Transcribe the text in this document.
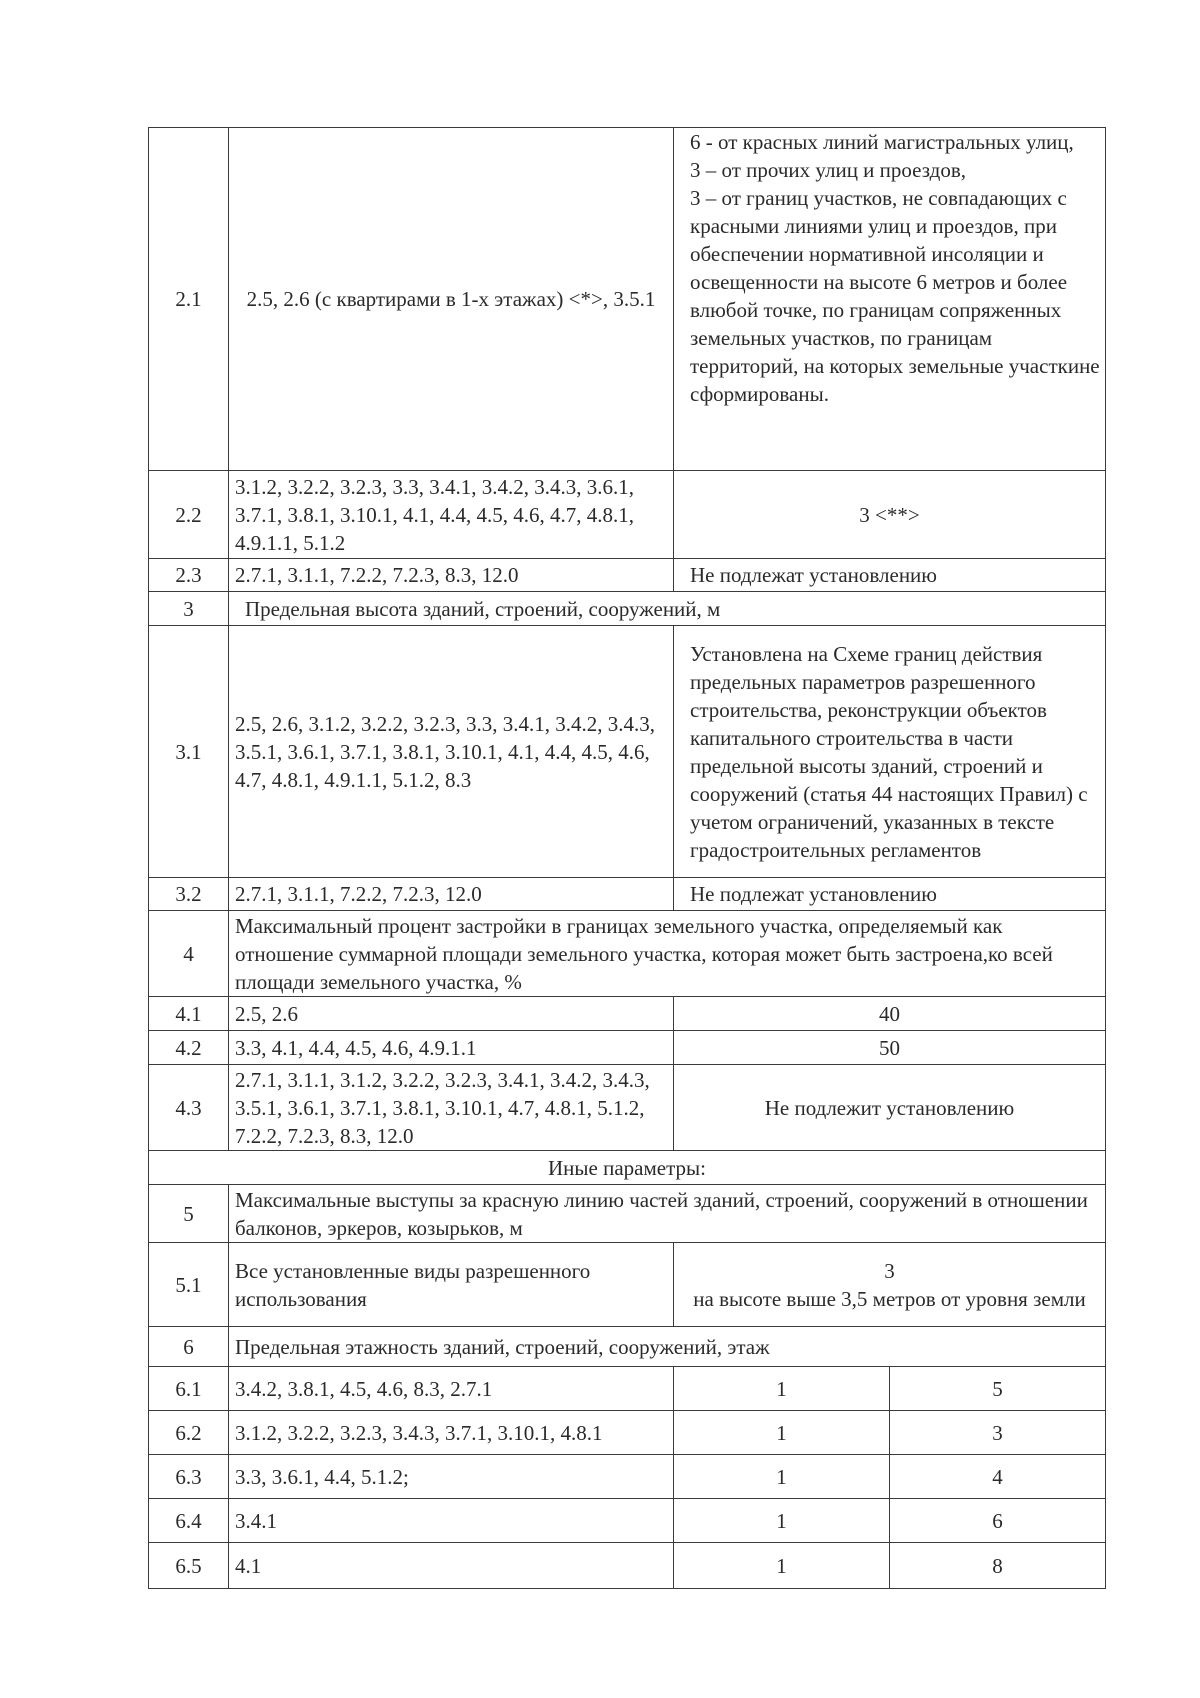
2.1	2.5, 2.6 (с квартирами в 1-х этажах) <*>, 3.5.1	6 - от красных линий магистральных улиц,
3 – от прочих улиц и проездов,
3 – от границ участков, не совпадающих с красными линиями улиц и проездов, при обеспечении нормативной инсоляции и освещенности на высоте 6 метров и более влюбой точке, по границам сопряженных земельных участков, по границам территорий, на которых земельные участкине сформированы.	
2.2	3.1.2, 3.2.2, 3.2.3, 3.3, 3.4.1, 3.4.2, 3.4.3, 3.6.1, 3.7.1, 3.8.1, 3.10.1, 4.1, 4.4, 4.5, 4.6, 4.7, 4.8.1, 4.9.1.1, 5.1.2	3 <**>	
2.3	2.7.1, 3.1.1, 7.2.2, 7.2.3, 8.3, 12.0	Не подлежат установлению	
3	Предельная высота зданий, строений, сооружений, м		
3.1	2.5, 2.6, 3.1.2, 3.2.2, 3.2.3, 3.3, 3.4.1, 3.4.2, 3.4.3, 3.5.1, 3.6.1, 3.7.1, 3.8.1, 3.10.1, 4.1, 4.4, 4.5, 4.6, 4.7, 4.8.1, 4.9.1.1, 5.1.2, 8.3	Установлена на Схеме границ действия предельных параметров разрешенного строительства, реконструкции объектов капитального строительства в части предельной высоты зданий, строений и сооружений (статья 44 настоящих Правил) с учетом ограничений, указанных в тексте градостроительных регламентов	
3.2	2.7.1, 3.1.1, 7.2.2, 7.2.3, 12.0	Не подлежат установлению	
4	Максимальный процент застройки в границах земельного участка, определяемый как отношение суммарной площади земельного участка, которая может быть застроена,ко всей площади земельного участка, %		
4.1	2.5, 2.6	40	
4.2	3.3, 4.1, 4.4, 4.5, 4.6, 4.9.1.1	50	
4.3	2.7.1, 3.1.1, 3.1.2, 3.2.2, 3.2.3, 3.4.1, 3.4.2, 3.4.3, 3.5.1, 3.6.1, 3.7.1, 3.8.1, 3.10.1, 4.7, 4.8.1, 5.1.2, 7.2.2, 7.2.3, 8.3, 12.0	Не подлежит установлению	
Иные параметры:			
5	Максимальные выступы за красную линию частей зданий, строений, сооружений в отношении балконов, эркеров, козырьков, м		
5.1	Все установленные виды разрешенного использования	3
на высоте выше 3,5 метров от уровня земли	
6	Предельная этажность зданий, строений, сооружений, этаж		
6.1	3.4.2, 3.8.1, 4.5, 4.6, 8.3, 2.7.1	1	5
6.2	3.1.2, 3.2.2, 3.2.3, 3.4.3, 3.7.1, 3.10.1, 4.8.1	1	3
6.3	3.3, 3.6.1, 4.4, 5.1.2;	1	4
6.4	3.4.1	1	6
6.5	4.1	1	8
